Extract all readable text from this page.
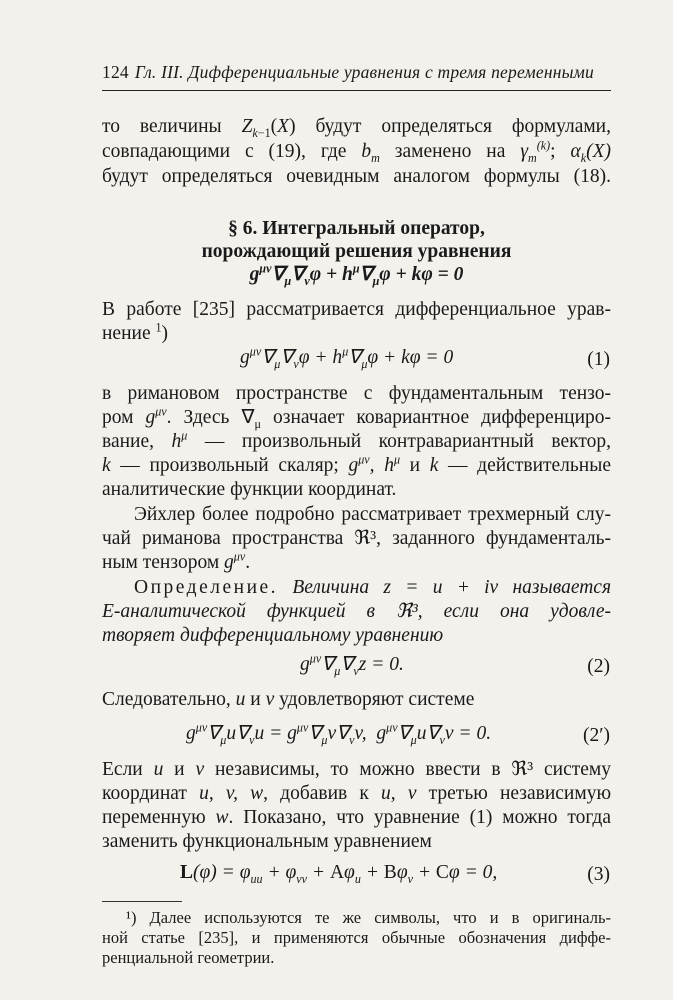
124 Гл. III. Дифференциальные уравнения с тремя переменными
то величины $Z_{k-1}(X)$ будут определяться формулами,
совпадающими с (19), где $b_m$ заменено на $\gamma_m^{(k)}$; $\alpha_k(X)$
будут определяться очевидным аналогом формулы (18).
§ 6. Интегральный оператор,
порождающий решения уравнения
$g^{\mu\nu}\nabla_\mu\nabla_\nu\varphi + h^\mu\nabla_\mu\varphi + k\varphi = 0$
В работе [235] рассматривается дифференциальное урав-
нение $^1$)
$g^{\mu\nu}\nabla_\mu\nabla_\nu\varphi + h^\mu\nabla_\mu\varphi + k\varphi = 0$	(1)
в римановом пространстве с фундаментальным тензо-
ром $g^{\mu\nu}$. Здесь $\nabla_\mu$ означает ковариантное дифференциро-
вание, $h^\mu$ — произвольный контравариантный вектор,
k — произвольный скаляр; $g^{\mu\nu}$, $h^\mu$ и k — действительные
аналитические функции координат.
Эйхлер более подробно рассматривает трехмерный слу-
чай риманова пространства ℜ³, заданного фундаменталь-
ным тензором $g^{\mu\nu}$.
Определение. Величина z = u + iv называется
E-аналитической функцией в ℜ³, если она удовле-
творяет дифференциальному уравнению
$g^{\mu\nu}\nabla_\mu\nabla_\nu z = 0$.	(2)
Следовательно, u и v удовлетворяют системе
$g^{\mu\nu}\nabla_\mu u\nabla_\nu u = g^{\mu\nu}\nabla_\mu v\nabla_\nu v$,  $g^{\mu\nu}\nabla_\mu u\nabla_\nu v = 0$.	(2′)
Если u и v независимы, то можно ввести в ℜ³ систему
координат u, v, w, добавив к u, v третью независимую
переменную w. Показано, что уравнение (1) можно тогда
заменить функциональным уравнением
$L(\varphi) = \varphi_{uu} + \varphi_{vv} + A\varphi_u + B\varphi_v + C\varphi = 0$,	(3)
¹) Далее используются те же символы, что и в оригиналь-
ной статье [235], и применяются обычные обозначения диффе-
ренциальной геометрии.
